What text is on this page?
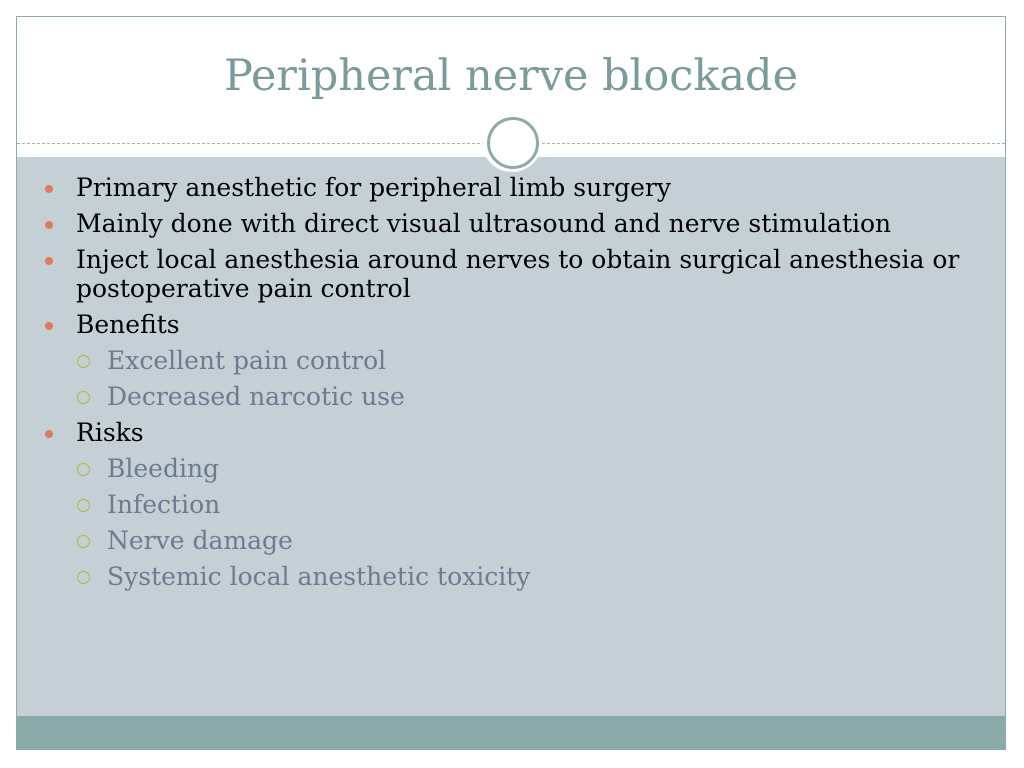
Peripheral nerve blockade
Primary anesthetic for peripheral limb surgery
Mainly done with direct visual ultrasound and nerve stimulation
Inject local anesthesia around nerves to obtain surgical anesthesia or postoperative pain control
Benefits
Excellent pain control
Decreased narcotic use
Risks
Bleeding
Infection
Nerve damage
Systemic local anesthetic toxicity
